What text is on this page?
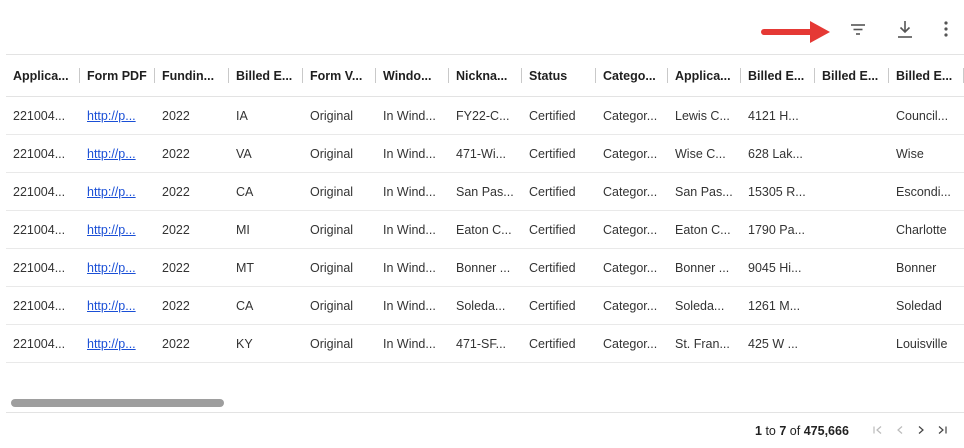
Applica...	Form PDF	Fundin...	Billed E...	Form V...	Windo...	Nickna...	Status	Catego...	Applica...	Billed E...	Billed E...	Billed E...

221004...	http://p...	2022	IA	Original	In Wind...	FY22-C...	Certified	Categor...	Lewis C...	4121 H...		Council...
221004...	http://p...	2022	VA	Original	In Wind...	471-Wi...	Certified	Categor...	Wise C...	628 Lak...		Wise
221004...	http://p...	2022	CA	Original	In Wind...	San Pas...	Certified	Categor...	San Pas...	15305 R...		Escondi...
221004...	http://p...	2022	MI	Original	In Wind...	Eaton C...	Certified	Categor...	Eaton C...	1790 Pa...		Charlotte
221004...	http://p...	2022	MT	Original	In Wind...	Bonner ...	Certified	Categor...	Bonner ...	9045 Hi...		Bonner
221004...	http://p...	2022	CA	Original	In Wind...	Soleda...	Certified	Categor...	Soleda...	1261 M...		Soledad
221004...	http://p...	2022	KY	Original	In Wind...	471-SF...	Certified	Categor...	St. Fran...	425 W ...		Louisville
1 to 7 of 475,666
